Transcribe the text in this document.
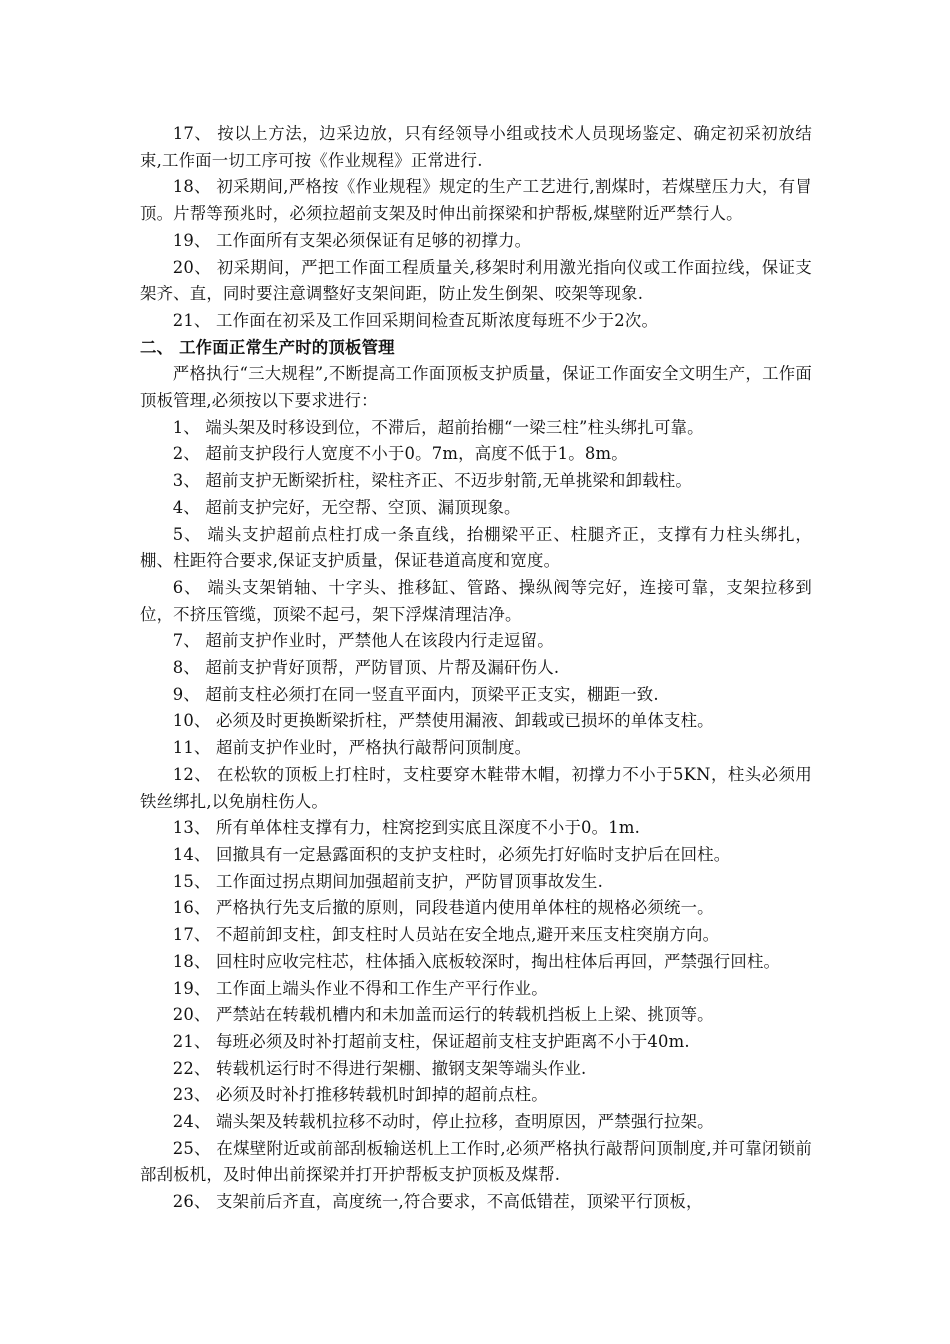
17、 按以上方法，边采边放，只有经领导小组或技术人员现场鉴定、确定初采初放结束,工作面一切工序可按《作业规程》正常进行.

18、 初采期间,严格按《作业规程》规定的生产工艺进行,割煤时，若煤壁压力大，有冒顶。片帮等预兆时，必须拉超前支架及时伸出前探梁和护帮板,煤壁附近严禁行人。

19、 工作面所有支架必须保证有足够的初撑力。

20、 初采期间，严把工作面工程质量关,移架时利用激光指向仪或工作面拉线，保证支架齐、直，同时要注意调整好支架间距，防止发生倒架、咬架等现象.

21、 工作面在初采及工作回采期间检查瓦斯浓度每班不少于2次。

二、 工作面正常生产时的顶板管理

严格执行“三大规程”,不断提高工作面顶板支护质量，保证工作面安全文明生产，工作面顶板管理,必须按以下要求进行：

1、 端头架及时移设到位，不滞后，超前抬棚“一梁三柱”柱头绑扎可靠。

2、 超前支护段行人宽度不小于0。7m，高度不低于1。8m。

3、 超前支护无断梁折柱，梁柱齐正、不迈步射箭,无单挑梁和卸载柱。

4、 超前支护完好，无空帮、空顶、漏顶现象。

5、 端头支护超前点柱打成一条直线，抬棚梁平正、柱腿齐正，支撑有力柱头绑扎，棚、柱距符合要求,保证支护质量，保证巷道高度和宽度。

6、 端头支架销轴、十字头、推移缸、管路、操纵阀等完好，连接可靠，支架拉移到位，不挤压管缆，顶梁不起弓，架下浮煤清理洁净。

7、 超前支护作业时，严禁他人在该段内行走逗留。

8、 超前支护背好顶帮，严防冒顶、片帮及漏矸伤人.

9、 超前支柱必须打在同一竖直平面内，顶梁平正支实，棚距一致.

10、 必须及时更换断梁折柱，严禁使用漏液、卸载或已损坏的单体支柱。

11、 超前支护作业时，严格执行敲帮问顶制度。

12、 在松软的顶板上打柱时，支柱要穿木鞋带木帽，初撑力不小于5KN，柱头必须用铁丝绑扎,以免崩柱伤人。

13、 所有单体柱支撑有力，柱窝挖到实底且深度不小于0。1m.

14、 回撤具有一定悬露面积的支护支柱时，必须先打好临时支护后在回柱。

15、 工作面过拐点期间加强超前支护，严防冒顶事故发生.

16、 严格执行先支后撤的原则，同段巷道内使用单体柱的规格必须统一。

17、 不超前卸支柱，卸支柱时人员站在安全地点,避开来压支柱突崩方向。

18、 回柱时应收完柱芯，柱体插入底板较深时，掏出柱体后再回，严禁强行回柱。

19、 工作面上端头作业不得和工作生产平行作业。

20、 严禁站在转载机槽内和未加盖而运行的转载机挡板上上梁、挑顶等。

21、 每班必须及时补打超前支柱，保证超前支柱支护距离不小于40m.

22、 转载机运行时不得进行架棚、撤钢支架等端头作业.

23、 必须及时补打推移转载机时卸掉的超前点柱。

24、 端头架及转载机拉移不动时，停止拉移，查明原因，严禁强行拉架。

25、 在煤壁附近或前部刮板输送机上工作时,必须严格执行敲帮问顶制度,并可靠闭锁前部刮板机，及时伸出前探梁并打开护帮板支护顶板及煤帮.

26、 支架前后齐直，高度统一,符合要求，不高低错茬，顶梁平行顶板，
